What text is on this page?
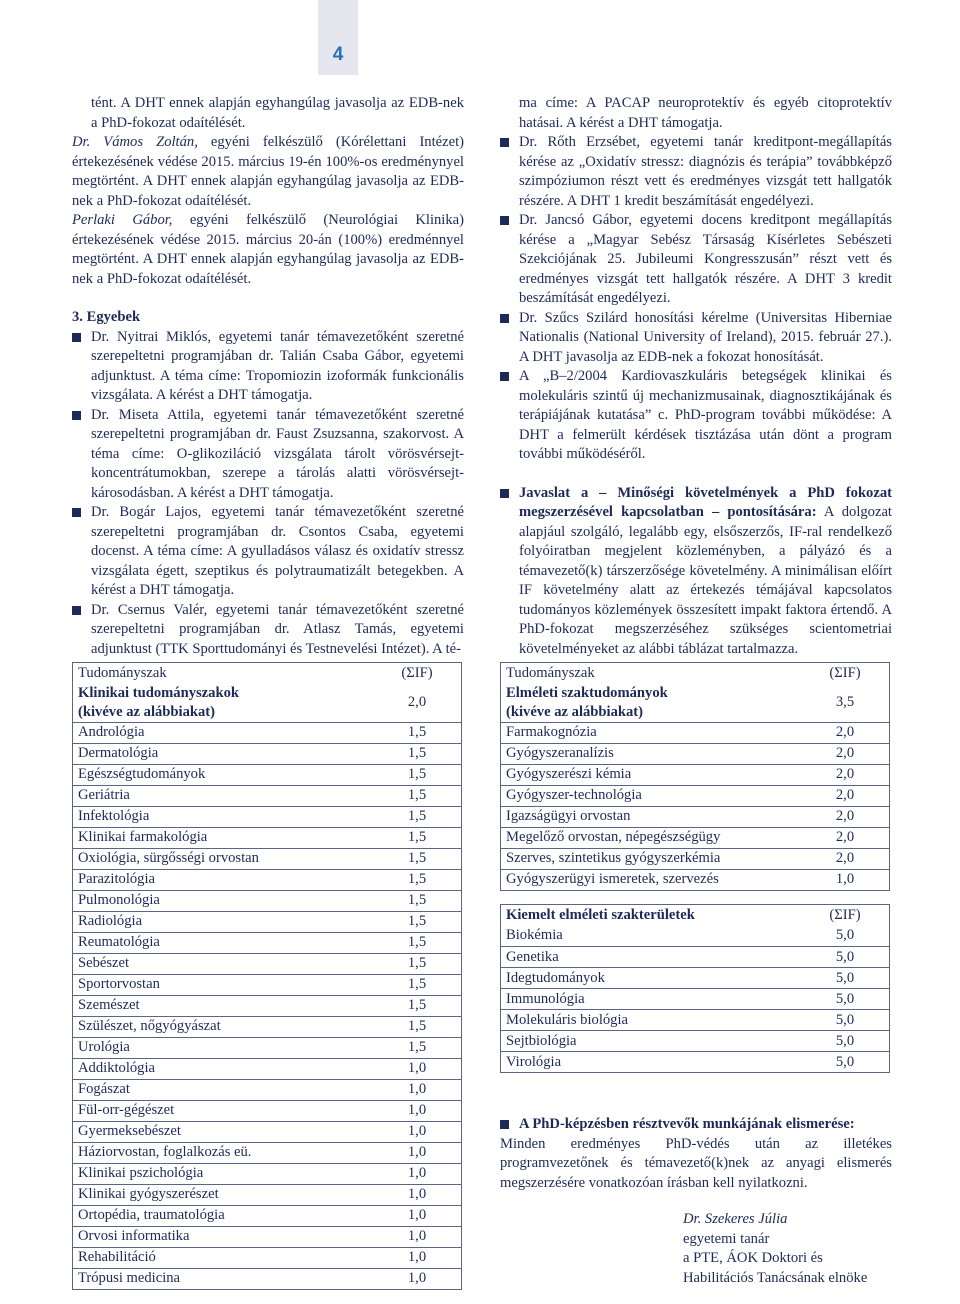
4

tént. A DHT ennek alapján egyhangúlag javasolja az EDB-nek a PhD-fokozat odaítélését.

Dr. Vámos Zoltán, egyéni felkészülő (Kórélettani Intézet) értekezésének védése 2015. március 19-én 100%-os eredménynyel megtörtént. A DHT ennek alapján egyhangúlag javasolja az EDB-nek a PhD-fokozat odaítélését.

Perlaki Gábor, egyéni felkészülő (Neurológiai Klinika) értekezésének védése 2015. március 20-án (100%) eredménnyel megtörtént. A DHT ennek alapján egyhangúlag javasolja az EDB-nek a PhD-fokozat odaítélését.

3. Egyebek

Dr. Nyitrai Miklós, egyetemi tanár témavezetőként szeretné szerepeltetni programjában dr. Talián Csaba Gábor, egyetemi adjunktust. A téma címe: Tropomiozin izoformák funkcionális vizsgálata. A kérést a DHT támogatja.

Dr. Miseta Attila, egyetemi tanár témavezetőként szeretné szerepeltetni programjában dr. Faust Zsuzsanna, szakorvost. A téma címe: O-glikoziláció vizsgálata tárolt vörösvérsejt-koncentrátumokban, szerepe a tárolás alatti vörösvérsejt-károsodásban. A kérést a DHT támogatja.

Dr. Bogár Lajos, egyetemi tanár témavezetőként szeretné szerepeltetni programjában dr. Csontos Csaba, egyetemi docenst. A téma címe: A gyulladásos válasz és oxidatív stressz vizsgálata égett, szeptikus és polytraumatizált betegekben. A kérést a DHT támogatja.

Dr. Csernus Valér, egyetemi tanár témavezetőként szeretné szerepeltetni programjában dr. Atlasz Tamás, egyetemi adjunktust (TTK Sporttudományi és Testnevelési Intézet). A té-

ma címe: A PACAP neuroprotektív és egyéb citoprotektív hatásai. A kérést a DHT támogatja.

Dr. Rőth Erzsébet, egyetemi tanár kreditpont-megállapítás kérése az „Oxidatív stressz: diagnózis és terápia” továbbképző szimpóziumon részt vett és eredményes vizsgát tett hallgatók részére. A DHT 1 kredit beszámítását engedélyezi.

Dr. Jancsó Gábor, egyetemi docens kreditpont megállapítás kérése a „Magyar Sebész Társaság Kísérletes Sebészeti Szekciójának 25. Jubileumi Kongresszusán” részt vett és eredményes vizsgát tett hallgatók részére. A DHT 3 kredit beszámítását engedélyezi.

Dr. Szűcs Szilárd honosítási kérelme (Universitas Hiberniae Nationalis (National University of Ireland), 2015. február 27.). A DHT javasolja az EDB-nek a fokozat honosítását.

A „B–2/2004 Kardiovaszkuláris betegségek klinikai és molekuláris szintű új mechanizmusainak, diagnosztikájának és terápiájának kutatása” c. PhD-program további működése: A DHT a felmerült kérdések tisztázása után dönt a program további működéséről.

Javaslat a – Minőségi követelmények a PhD fokozat megszerzésével kapcsolatban – pontosítására: A dolgozat alapjául szolgáló, legalább egy, elsőszerzős, IF-ral rendelkező folyóiratban megjelent közleményben, a pályázó és a témavezető(k) társzerzősége követelmény. A minimálisan előírt IF követelmény alatt az értekezés témájával kapcsolatos tudományos közlemények összesített impakt faktora értendő. A PhD-fokozat megszerzéséhez szükséges scientometriai követelményeket az alábbi táblázat tartalmazza.

Tudományszak	(ΣIF)

Klinikai tudományszakok
(kivéve az alábbiakat)	2,0
Andrológia	1,5
Dermatológia	1,5
Egészségtudományok	1,5
Geriátria	1,5
Infektológia	1,5
Klinikai farmakológia	1,5
Oxiológia, sürgősségi orvostan	1,5
Parazitológia	1,5
Pulmonológia	1,5
Radiológia	1,5
Reumatológia	1,5
Sebészet	1,5
Sportorvostan	1,5
Szemészet	1,5
Szülészet, nőgyógyászat	1,5
Urológia	1,5
Addiktológia	1,0
Fogászat	1,0
Fül-orr-gégészet	1,0
Gyermeksebészet	1,0
Háziorvostan, foglalkozás eü.	1,0
Klinikai pszichológia	1,0
Klinikai gyógyszerészet	1,0
Ortopédia, traumatológia	1,0
Orvosi informatika	1,0
Rehabilitáció	1,0
Trópusi medicina	1,0
Tudományszak	(ΣIF)

Elméleti szaktudományok
(kivéve az alábbiakat)	3,5
Farmakognózia	2,0
Gyógyszeranalízis	2,0
Gyógyszerészi kémia	2,0
Gyógyszer-technológia	2,0
Igazságügyi orvostan	2,0
Megelőző orvostan, népegészségügy	2,0
Szerves, szintetikus gyógyszerkémia	2,0
Gyógyszerügyi ismeretek, szervezés	1,0
Kiemelt elméleti szakterületek	(ΣIF)
Biokémia	5,0
Genetika	5,0
Idegtudományok	5,0
Immunológia	5,0
Molekuláris biológia	5,0
Sejtbiológia	5,0
Virológia	5,0

A PhD-képzésben résztvevők munkájának elismerése:

Minden eredményes PhD-védés után az illetékes programvezetőnek és témavezető(k)nek az anyagi elismerés megszerzésére vonatkozóan írásban kell nyilatkozni.

Dr. Szekeres Júlia
egyetemi tanár
a PTE, ÁOK Doktori és
Habilitációs Tanácsának elnöke
